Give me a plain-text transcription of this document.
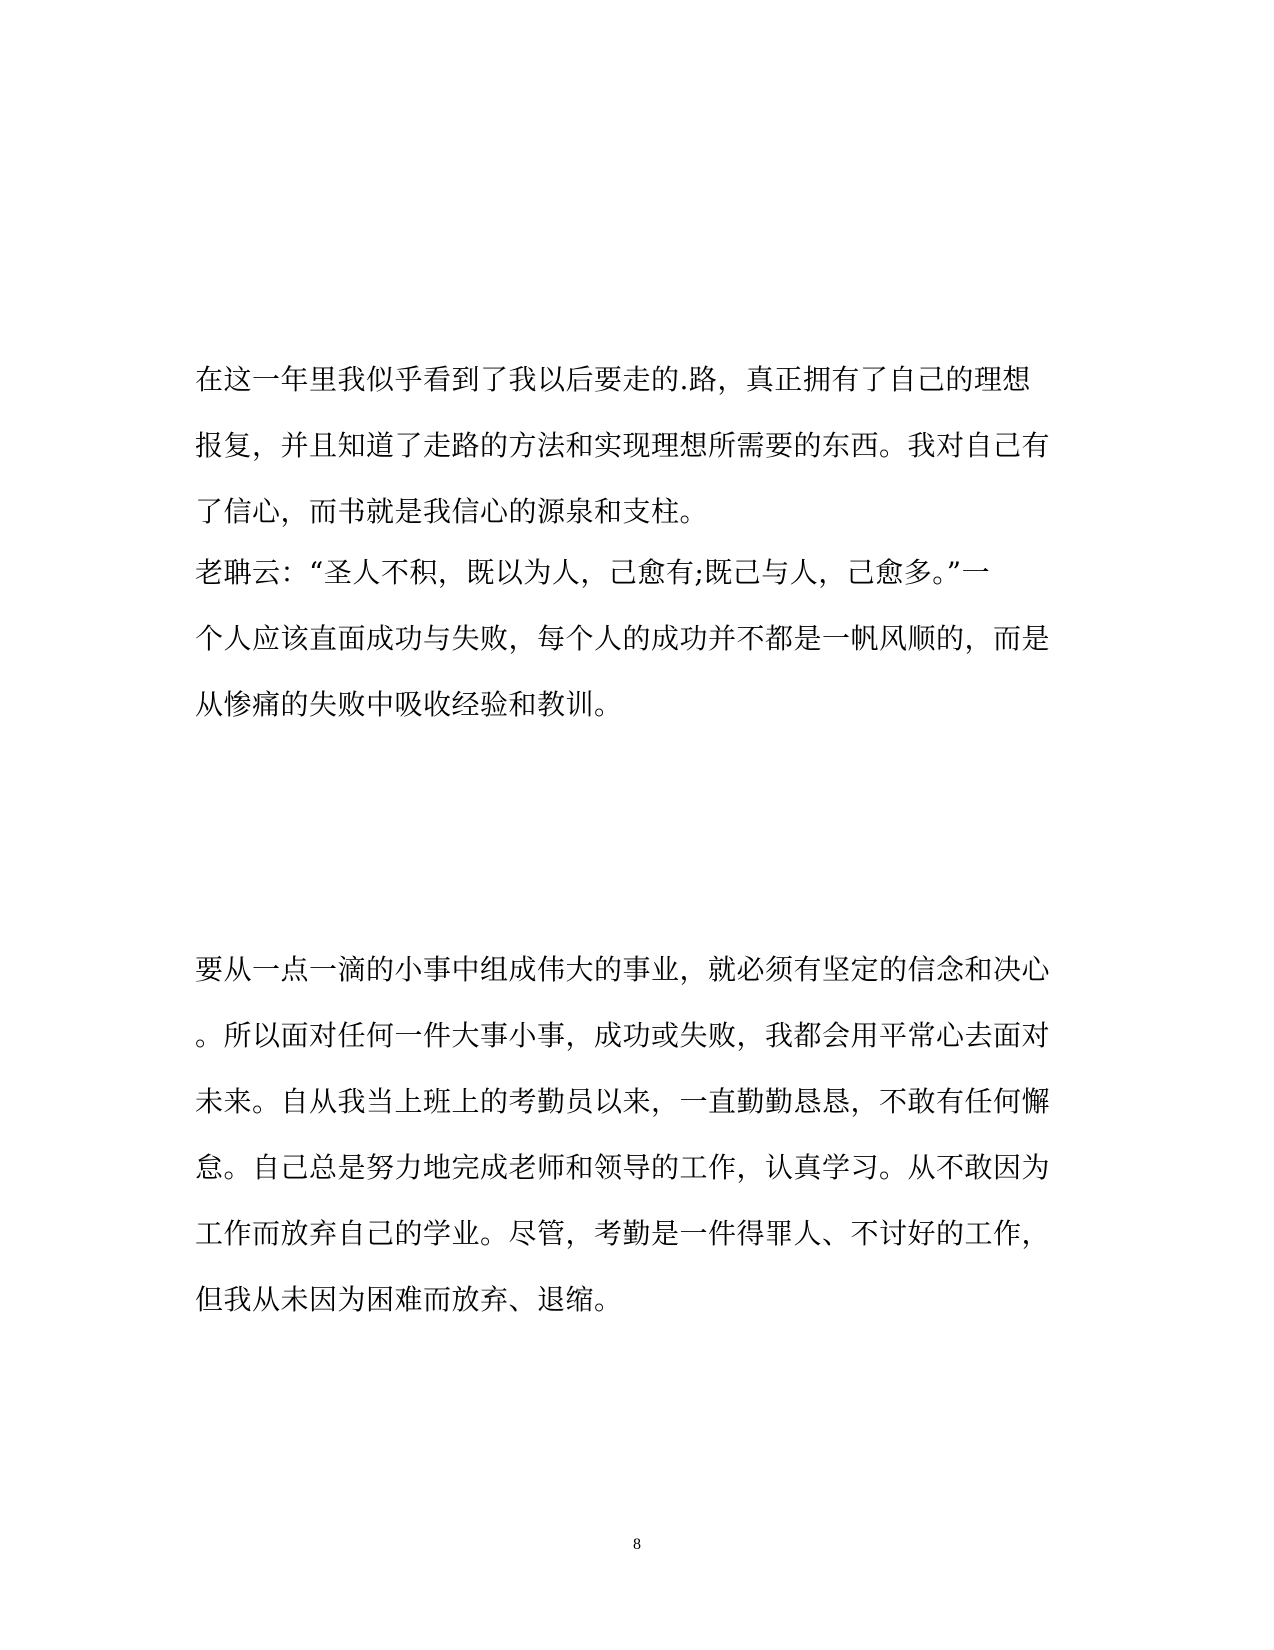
在这一年里我似乎看到了我以后要走的.路，真正拥有了自己的理想
报复，并且知道了走路的方法和实现理想所需要的东西。我对自己有
了信心，而书就是我信心的源泉和支柱。
老聃云：“圣人不积，既以为人，己愈有;既己与人，己愈多。”一
个人应该直面成功与失败，每个人的成功并不都是一帆风顺的，而是
从惨痛的失败中吸收经验和教训。
要从一点一滴的小事中组成伟大的事业，就必须有坚定的信念和决心
。所以面对任何一件大事小事，成功或失败，我都会用平常心去面对
未来。自从我当上班上的考勤员以来，一直勤勤恳恳，不敢有任何懈
怠。自己总是努力地完成老师和领导的工作，认真学习。从不敢因为
工作而放弃自己的学业。尽管，考勤是一件得罪人、不讨好的工作，
但我从未因为困难而放弃、退缩。
8
